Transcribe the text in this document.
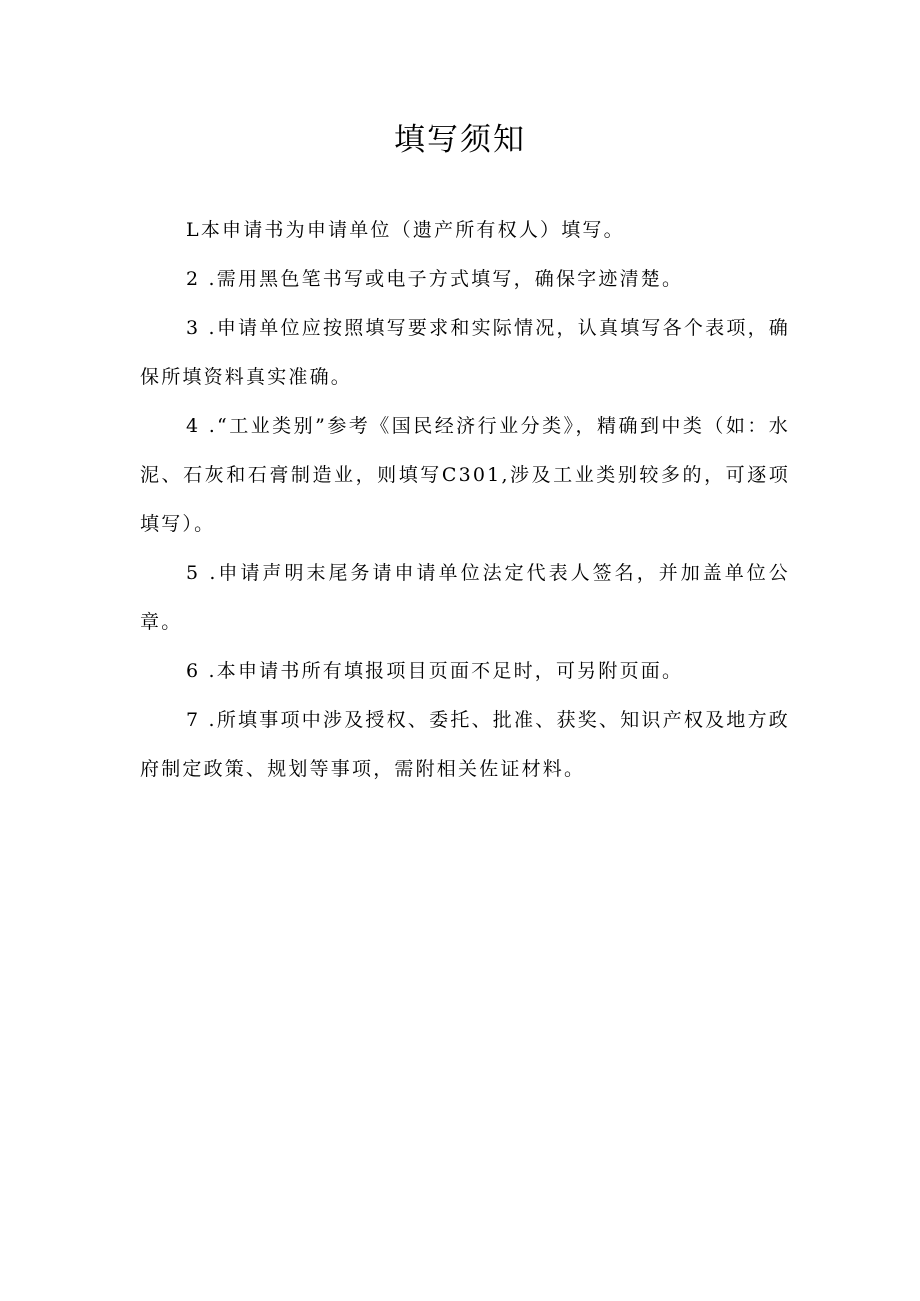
填写须知
L本申请书为申请单位（遗产所有权人）填写。
2 .需用黑色笔书写或电子方式填写，确保字迹清楚。
3 .申请单位应按照填写要求和实际情况，认真填写各个表项，确保所填资料真实准确。
4 .“工业类别”参考《国民经济行业分类》，精确到中类（如：水泥、石灰和石膏制造业，则填写C301,涉及工业类别较多的，可逐项填写）。
5 .申请声明末尾务请申请单位法定代表人签名，并加盖单位公章。
6 .本申请书所有填报项目页面不足时，可另附页面。
7 .所填事项中涉及授权、委托、批准、获奖、知识产权及地方政府制定政策、规划等事项，需附相关佐证材料。
